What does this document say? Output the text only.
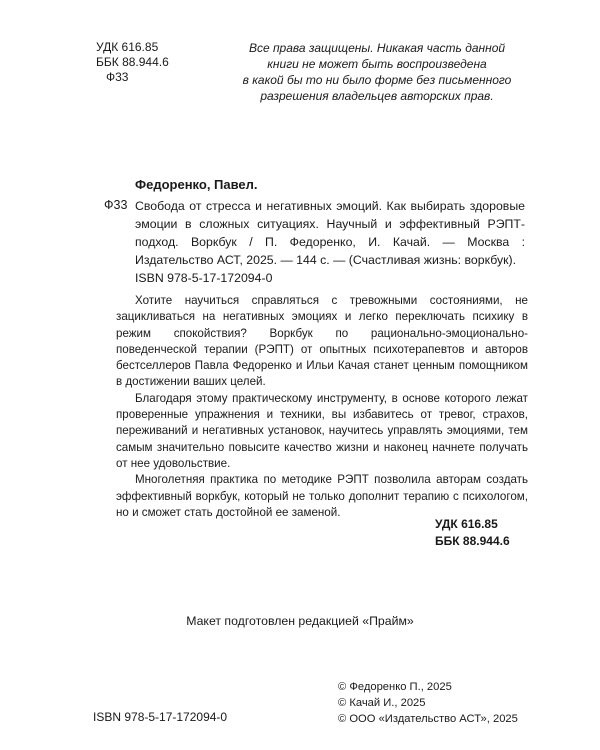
УДК 616.85
ББК 88.944.6
Ф33
Все права защищены. Никакая часть данной
книги не может быть воспроизведена
в какой бы то ни было форме без письменного
разрешения владельцев авторских прав.
Федоренко, Павел.
Ф33 Свобода от стресса и негативных эмоций. Как выбирать здоровые эмоции в сложных ситуациях. Научный и эффективный РЭПТ-подход. Воркбук / П. Федоренко, И. Качай. — Москва : Издательство АСТ, 2025. — 144 с. — (Счастливая жизнь: воркбук).
ISBN 978-5-17-172094-0

Хотите научиться справляться с тревожными состояниями, не зацикливаться на негативных эмоциях и легко переключать психику в режим спокойствия? Воркбук по рационально-эмоционально-поведенческой терапии (РЭПТ) от опытных психотерапевтов и авторов бестселлеров Павла Федоренко и Ильи Качая станет ценным помощником в достижении ваших целей.

Благодаря этому практическому инструменту, в основе которого лежат проверенные упражнения и техники, вы избавитесь от тревог, страхов, переживаний и негативных установок, научитесь управлять эмоциями, тем самым значительно повысите качество жизни и наконец начнете получать от нее удовольствие.

Многолетняя практика по методике РЭПТ позволила авторам создать эффективный воркбук, который не только дополнит терапию с психологом, но и сможет стать достойной ее заменой.

УДК 616.85
ББК 88.944.6
Макет подготовлен редакцией «Прайм»
© Федоренко П., 2025
© Качай И., 2025
© ООО «Издательство АСТ», 2025
ISBN 978-5-17-172094-0
